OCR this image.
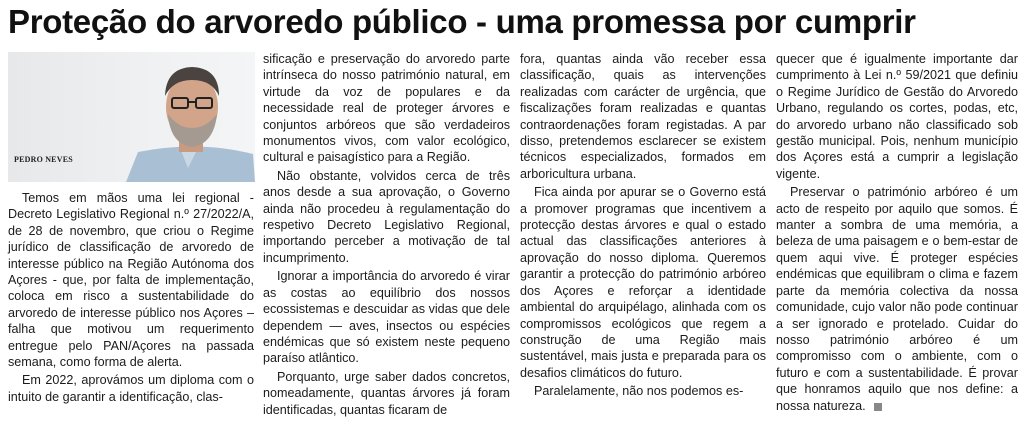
Proteção do arvoredo público - uma promessa por cumprir

PEDRO NEVES

Temos em mãos uma lei regional - Decreto Legislativo Regional n.º 27/2022/A, de 28 de novembro, que criou o Regime jurídico de classificação de arvoredo de interesse público na Região Autónoma dos Açores - que, por falta de implementação, coloca em risco a sustentabilidade do arvoredo de interesse público nos Açores – falha que motivou um requerimento entregue pelo PAN/Açores na passada semana, como forma de alerta.

Em 2022, aprovámos um diploma com o intuito de garantir a identificação, clas-

sificação e preservação do arvoredo parte intrínseca do nosso património natural, em virtude da voz de populares e da necessidade real de proteger árvores e conjuntos arbóreos que são verdadeiros monumentos vivos, com valor ecológico, cultural e paisagístico para a Região.

Não obstante, volvidos cerca de três anos desde a sua aprovação, o Governo ainda não procedeu à regulamentação do respetivo Decreto Legislativo Regional, importando perceber a motivação de tal incumprimento.

Ignorar a importância do arvoredo é virar as costas ao equilíbrio dos nossos ecossistemas e descuidar as vidas que dele dependem — aves, insectos ou espécies endémicas que só existem neste pequeno paraíso atlântico.

Porquanto, urge saber dados concretos, nomeadamente, quantas árvores já foram identificadas, quantas ficaram de

fora, quantas ainda vão receber essa classificação, quais as intervenções realizadas com carácter de urgência, que fiscalizações foram realizadas e quantas contraordenações foram registadas. A par disso, pretendemos esclarecer se existem técnicos especializados, formados em arboricultura urbana.

Fica ainda por apurar se o Governo está a promover programas que incentivem a protecção destas árvores e qual o estado actual das classificações anteriores à aprovação do nosso diploma. Queremos garantir a protecção do património arbóreo dos Açores e reforçar a identidade ambiental do arquipélago, alinhada com os compromissos ecológicos que regem a construção de uma Região mais sustentável, mais justa e preparada para os desafios climáticos do futuro.

Paralelamente, não nos podemos es-

quecer que é igualmente importante dar cumprimento à Lei n.º 59/2021 que definiu o Regime Jurídico de Gestão do Arvoredo Urbano, regulando os cortes, podas, etc, do arvoredo urbano não classificado sob gestão municipal. Pois, nenhum município dos Açores está a cumprir a legislação vigente.

Preservar o património arbóreo é um acto de respeito por aquilo que somos. É manter a sombra de uma memória, a beleza de uma paisagem e o bem-estar de quem aqui vive. É proteger espécies endémicas que equilibram o clima e fazem parte da memória colectiva da nossa comunidade, cujo valor não pode continuar a ser ignorado e protelado. Cuidar do nosso património arbóreo é um compromisso com o ambiente, com o futuro e com a sustentabilidade. É provar que honramos aquilo que nos define: a nossa natureza.
